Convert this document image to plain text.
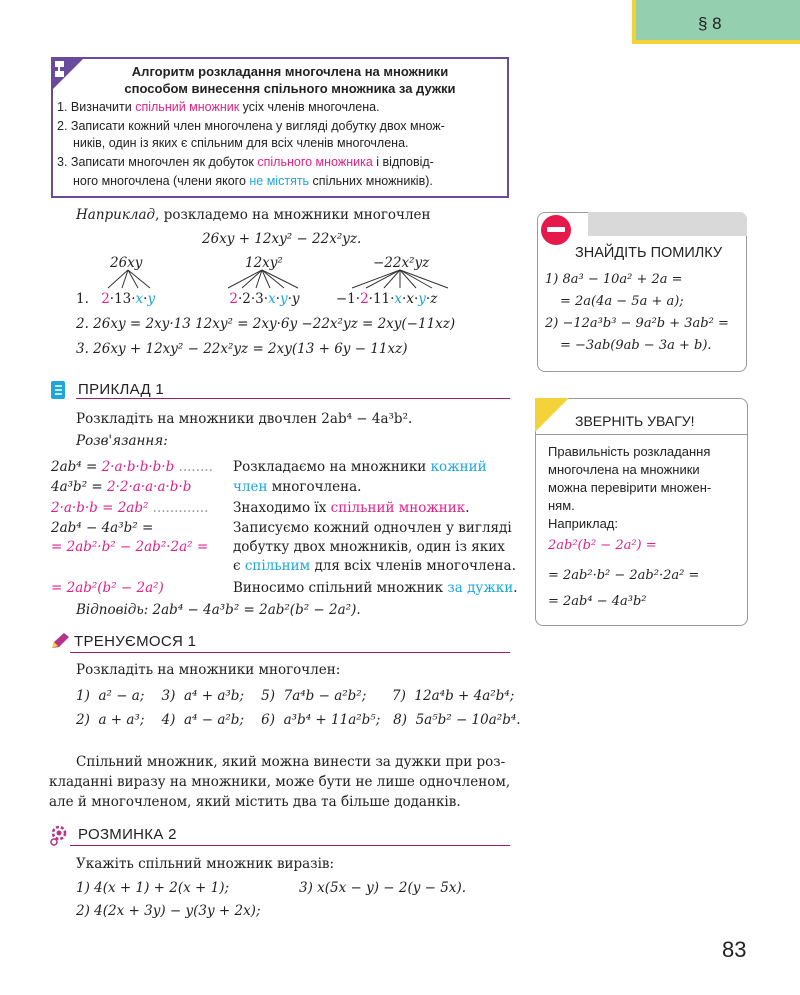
§ 8
Алгоритм розкладання многочлена на множники
способом винесення спільного множника за дужки
1. Визначити спільний множник усіх членів многочлена.
2. Записати кожний член многочлена у вигляді добутку двох множ-
ників, один із яких є спільним для всіх членів многочлена.
3. Записати многочлен як добуток спільного множника і відповід-
ного многочлена (члени якого не містять спільних множників).
Наприклад, розкладемо на множники многочлен
26xy + 12xy² − 22x²yz.
26xy	12xy²	−22x²yz
1. 2·13·x·y	2·2·3·x·y·y	−1·2·11·x·x·y·z
2. 26xy = 2xy·13 12xy² = 2xy·6y −22x²yz = 2xy(−11xz)
3. 26xy + 12xy² − 22x²yz = 2xy(13 + 6y − 11xz)
ЗНАЙДІТЬ ПОМИЛКУ
1) 8a³ − 10a² + 2a =
= 2a(4a − 5a + a);
2) −12a³b³ − 9a²b + 3ab² =
= −3ab(9ab − 3a + b).
ПРИКЛАД 1
Розкладіть на множники двочлен 2ab⁴ − 4a³b².
Розв'язання:
2ab⁴ = 2·a·b·b·b·b ........ Розкладаємо на множники кожний
член многочлена.
4a³b² = 2·2·a·a·a·b·b
2·a·b·b = 2ab² ............. Знаходимо їх спільний множник.
2ab⁴ − 4a³b² =	Записуємо кожний одночлен у вигляді
= 2ab²·b² − 2ab²·2a² = добутку двох множників, один із яких
є спільним для всіх членів многочлена.
= 2ab²(b² − 2a²)	Виносимо спільний множник за дужки.
Відповідь: 2ab⁴ − 4a³b² = 2ab²(b² − 2a²).
ЗВЕРНІТЬ УВАГУ!
Правильність розкладання
многочлена на множники
можна перевірити множен-
ням.
Наприклад:
2ab²(b² − 2a²) =
= 2ab²·b² − 2ab²·2a² =
= 2ab⁴ − 4a³b²
ТРЕНУЄМОСЯ 1
Розкладіть на множники многочлен:
1)  a² − a;    3)  a⁴ + a³b;    5)  7a⁴b − a²b²;      7)  12a⁴b + 4a²b⁴;
2)  a + a³;    4)  a⁴ − a²b;    6)  a³b⁴ + 11a²b⁵;   8)  5a⁵b² − 10a²b⁴.
Спільний множник, який можна винести за дужки при роз-
кладанні виразу на множники, може бути не лише одночленом,
але й многочленом, який містить два та більше доданків.
РОЗМИНКА 2
Укажіть спільний множник виразів:
1) 4(x + 1) + 2(x + 1);	3) x(5x − y) − 2(y − 5x).
2) 4(2x + 3y) − y(3y + 2x);
83
